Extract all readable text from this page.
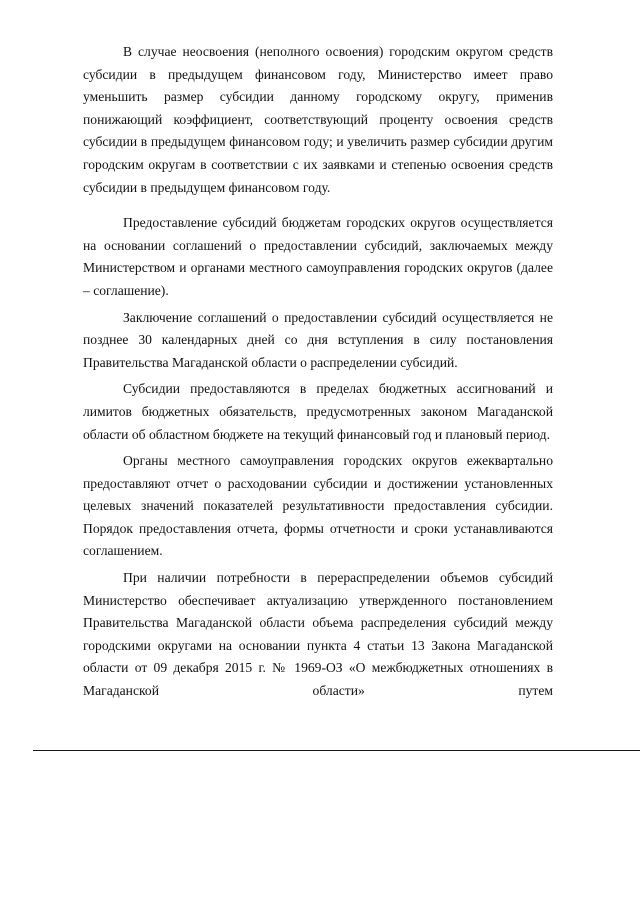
В случае неосвоения (неполного освоения) городским округом средств субсидии в предыдущем финансовом году, Министерство имеет право уменьшить размер субсидии данному городскому округу, применив понижающий коэффициент, соответствующий проценту освоения средств субсидии в предыдущем финансовом году; и увеличить размер субсидии другим городским округам в соответствии с их заявками и степенью освоения средств субсидии в предыдущем финансовом году.

Предоставление субсидий бюджетам городских округов осуществляется на основании соглашений о предоставлении субсидий, заключаемых между Министерством и органами местного самоуправления городских округов (далее – соглашение).

Заключение соглашений о предоставлении субсидий осуществляется не позднее 30 календарных дней со дня вступления в силу постановления Правительства Магаданской области о распределении субсидий.

Субсидии предоставляются в пределах бюджетных ассигнований и лимитов бюджетных обязательств, предусмотренных законом Магаданской области об областном бюджете на текущий финансовый год и плановый период.

Органы местного самоуправления городских округов ежеквартально предоставляют отчет о расходовании субсидии и достижении установленных целевых значений показателей результативности предоставления субсидии. Порядок предоставления отчета, формы отчетности и сроки устанавливаются соглашением.

При наличии потребности в перераспределении объемов субсидий Министерство обеспечивает актуализацию утвержденного постановлением Правительства Магаданской области объема распределения субсидий между городскими округами на основании пункта 4 статьи 13 Закона Магаданской области от 09 декабря 2015 г. № 1969-ОЗ «О межбюджетных отношениях в Магаданской области» путем
